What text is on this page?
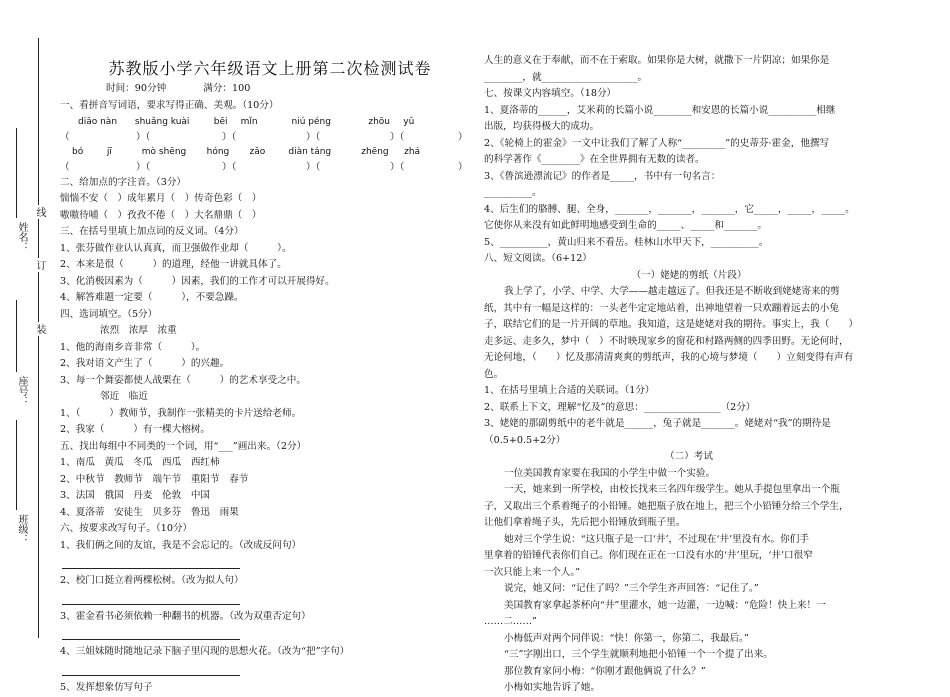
姓名：
座号：
班级：
线
订
装
苏教版小学六年级语文上册第二次检测试卷
时间：90分钟	满分：100
一、看拼音写词语，要求写得正确、美观。（10分）
diāo nàn shuǎng kuài	bēi mǐn	niú péng	zhōu yǔ
（	）（	）（	）（	）（	）
bó	jī	mò shēng hóng zǎo	diàn táng	zhēng zhá
（	）（	）（	）（	）（	）
二、给加点的字注音。（3分）
惴惴不安（　）成年累月（　）传奇色彩（　）
嗷嗷待哺（　）孜孜不倦（　）大名鼎鼎（　）
三、在括号里填上加点词的反义词。（4分）
1、张芬做作业认认真真，而卫强做作业却（　　　）。
2、本来是很（　　　）的道理，经他一讲就具体了。
3、化消极因素为（　　　）因素，我们的工作才可以开展得好。
4、解答难题一定要（　　　），不要急躁。
四、选词填空。（5分）
浓烈　浓厚　浓重
1、他的海南乡音非常（　　　）。
2、我对语文产生了（　　　）的兴趣。
3、每一个舞姿都使人战栗在（　　　）的艺术享受之中。
邻近　临近
1、（　　　）教师节，我制作一张精美的卡片送给老师。
2、我家（　　　）有一棵大榕树。
五、找出每组中不同类的一个词，用“___”画出来。（2分）
1、南瓜　黄瓜　冬瓜　西瓜　西红柿
2、中秋节　教师节　端午节　重阳节　春节
3、法国　俄国　丹麦　伦敦　中国
4、夏洛蒂　安徒生　贝多芬　鲁迅　雨果
六、按要求改写句子。（10分）
1、我们俩之间的友谊，我是不会忘记的。（改成反问句）
2、校门口挺立着两棵松树。（改为拟人句）
3、霍金看书必须依赖一种翻书的机器。（改为双重否定句）
4、三姐妹随时随地记录下脑子里闪现的思想火花。（改为“把”字句）
5、发挥想象仿写句子
人生的意义在于奉献，而不在于索取。如果你是大树，就撒下一片阴凉；如果你是
________，就____________________。
七、按课文内容填空。（18分）
1、夏洛蒂的______，艾米莉的长篇小说________和安恩的长篇小说__________相继
出版，均获得极大的成功。
2、《轮椅上的霍金》一文中让我们了解了人称“_________”的史蒂芬·霍金，他撰写
的科学著作《________》在全世界拥有无数的读者。
3、《鲁滨逊漂流记》的作者是_____，书中有一句名言：
__________。
4、后生们的胳膊、腿、全身，_______，_______，_______，它_____，_____，_____。
它使你从来没有如此鲜明地感受到生命的_____、_____和_______。
5、__________，黄山归来不看岳。桂林山水甲天下，__________。
八、短文阅读。（6+12）
（一）姥姥的剪纸（片段）
我上学了，小学、中学、大学——越走越远了。但我还是不断收到姥姥寄来的剪
纸，其中有一幅是这样的：一头老牛定定地站着，出神地望着一只欢蹦着远去的小兔
子，联结它们的是一片开阔的草地。我知道，这是姥姥对我的期待。事实上，我（　　）
走多远、走多久，梦中（　）不时映现家乡的窗花和村路两侧的四季田野。无论何时，
无论何地，（　　）忆及那清清爽爽的剪纸声，我的心境与梦境（　　）立刻变得有声有
色。
1、在括号里填上合适的关联词。（1分）
2、联系上下文，理解“忆及”的意思：________________（2分）
3、姥姥的那副剪纸中的老牛就是______，兔子就是_______。姥姥对“我”的期待是
（0.5+0.5+2分）
（二）考试
一位美国教育家要在我国的小学生中做一个实验。
一天，她来到一所学校，由校长找来三名四年级学生。她从手提包里拿出一个瓶
子，又取出三个系着绳子的小铅锤。她把瓶子放在地上，把三个小铅锤分给三个学生，
让他们拿着绳子头，先后把小铅锤放到瓶子里。
她对三个学生说：“这只瓶子是一口‘井’，不过现在‘井’里没有水。你们手
里拿着的铅锤代表你们自己。你们现在正在一口没有水的‘井’里玩，‘井’口很窄
一次只能上来一个人。”
说完，她又问：“记住了吗？”三个学生齐声回答：“记住了。”
美国教育家拿起茶杯向“井”里灌水，她一边灌，一边喊：“危险！快上来！一
……二……”
小梅低声对两个同伴说：“快！你第一，你第二，我最后。”
“三”字刚出口，三个学生就顺利地把小铅锤一个一个提了出来。
那位教育家问小梅：“你刚才跟他俩说了什么？”
小梅如实地告诉了她。
